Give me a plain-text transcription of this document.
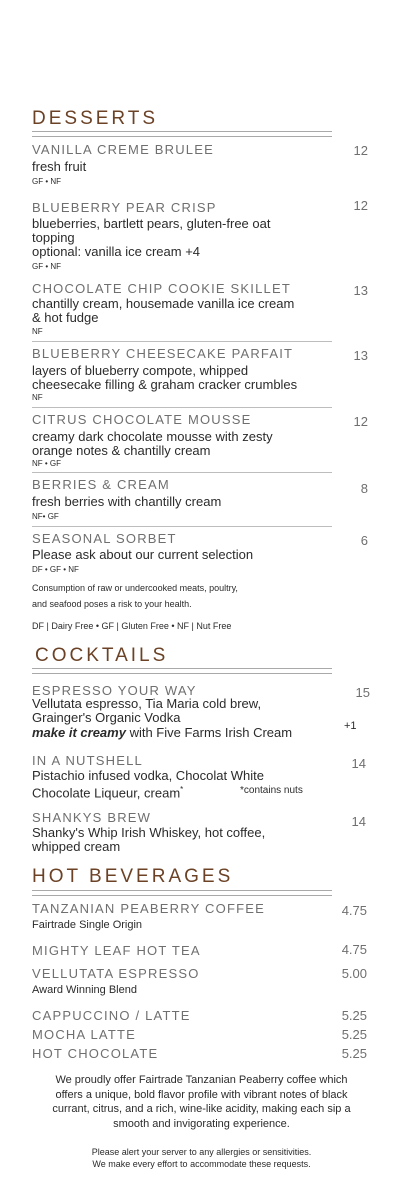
DESSERTS
VANILLA CREME BRULEE	12
fresh fruit
GF • NF
BLUEBERRY PEAR CRISP	12
blueberries, bartlett pears, gluten-free oat
topping
optional: vanilla ice cream +4
GF • NF
CHOCOLATE CHIP COOKIE SKILLET	13
chantilly cream, housemade vanilla ice cream
& hot fudge
NF
BLUEBERRY CHEESECAKE PARFAIT	13
layers of blueberry compote, whipped
cheesecake filling & graham cracker crumbles
NF
CITRUS CHOCOLATE MOUSSE	12
creamy dark chocolate mousse with zesty
orange notes & chantilly cream
NF • GF
BERRIES & CREAM	8
fresh berries with chantilly cream
NF• GF
SEASONAL SORBET	6
Please ask about our current selection
DF • GF • NF
Consumption of raw or undercooked meats, poultry,
and seafood poses a risk to your health.
DF | Dairy Free • GF | Gluten Free • NF | Nut Free
COCKTAILS
ESPRESSO YOUR WAY	15
Vellutata espresso, Tia Maria cold brew,
Grainger's Organic Vodka
make it creamy with Five Farms Irish Cream	+1
IN A NUTSHELL	14
Pistachio infused vodka, Chocolat White
Chocolate Liqueur, cream*	*contains nuts
SHANKYS BREW	14
Shanky's Whip Irish Whiskey, hot coffee,
whipped cream
HOT BEVERAGES
TANZANIAN PEABERRY COFFEE	4.75
Fairtrade Single Origin
MIGHTY LEAF HOT TEA	4.75
VELLUTATA ESPRESSO	5.00
Award Winning Blend
CAPPUCCINO / LATTE	5.25
MOCHA LATTE	5.25
HOT CHOCOLATE	5.25
We proudly offer Fairtrade Tanzanian Peaberry coffee which
offers a unique, bold flavor profile with vibrant notes of black
currant, citrus, and a rich, wine-like acidity, making each sip a
smooth and invigorating experience.
Please alert your server to any allergies or sensitivities.
We make every effort to accommodate these requests.
